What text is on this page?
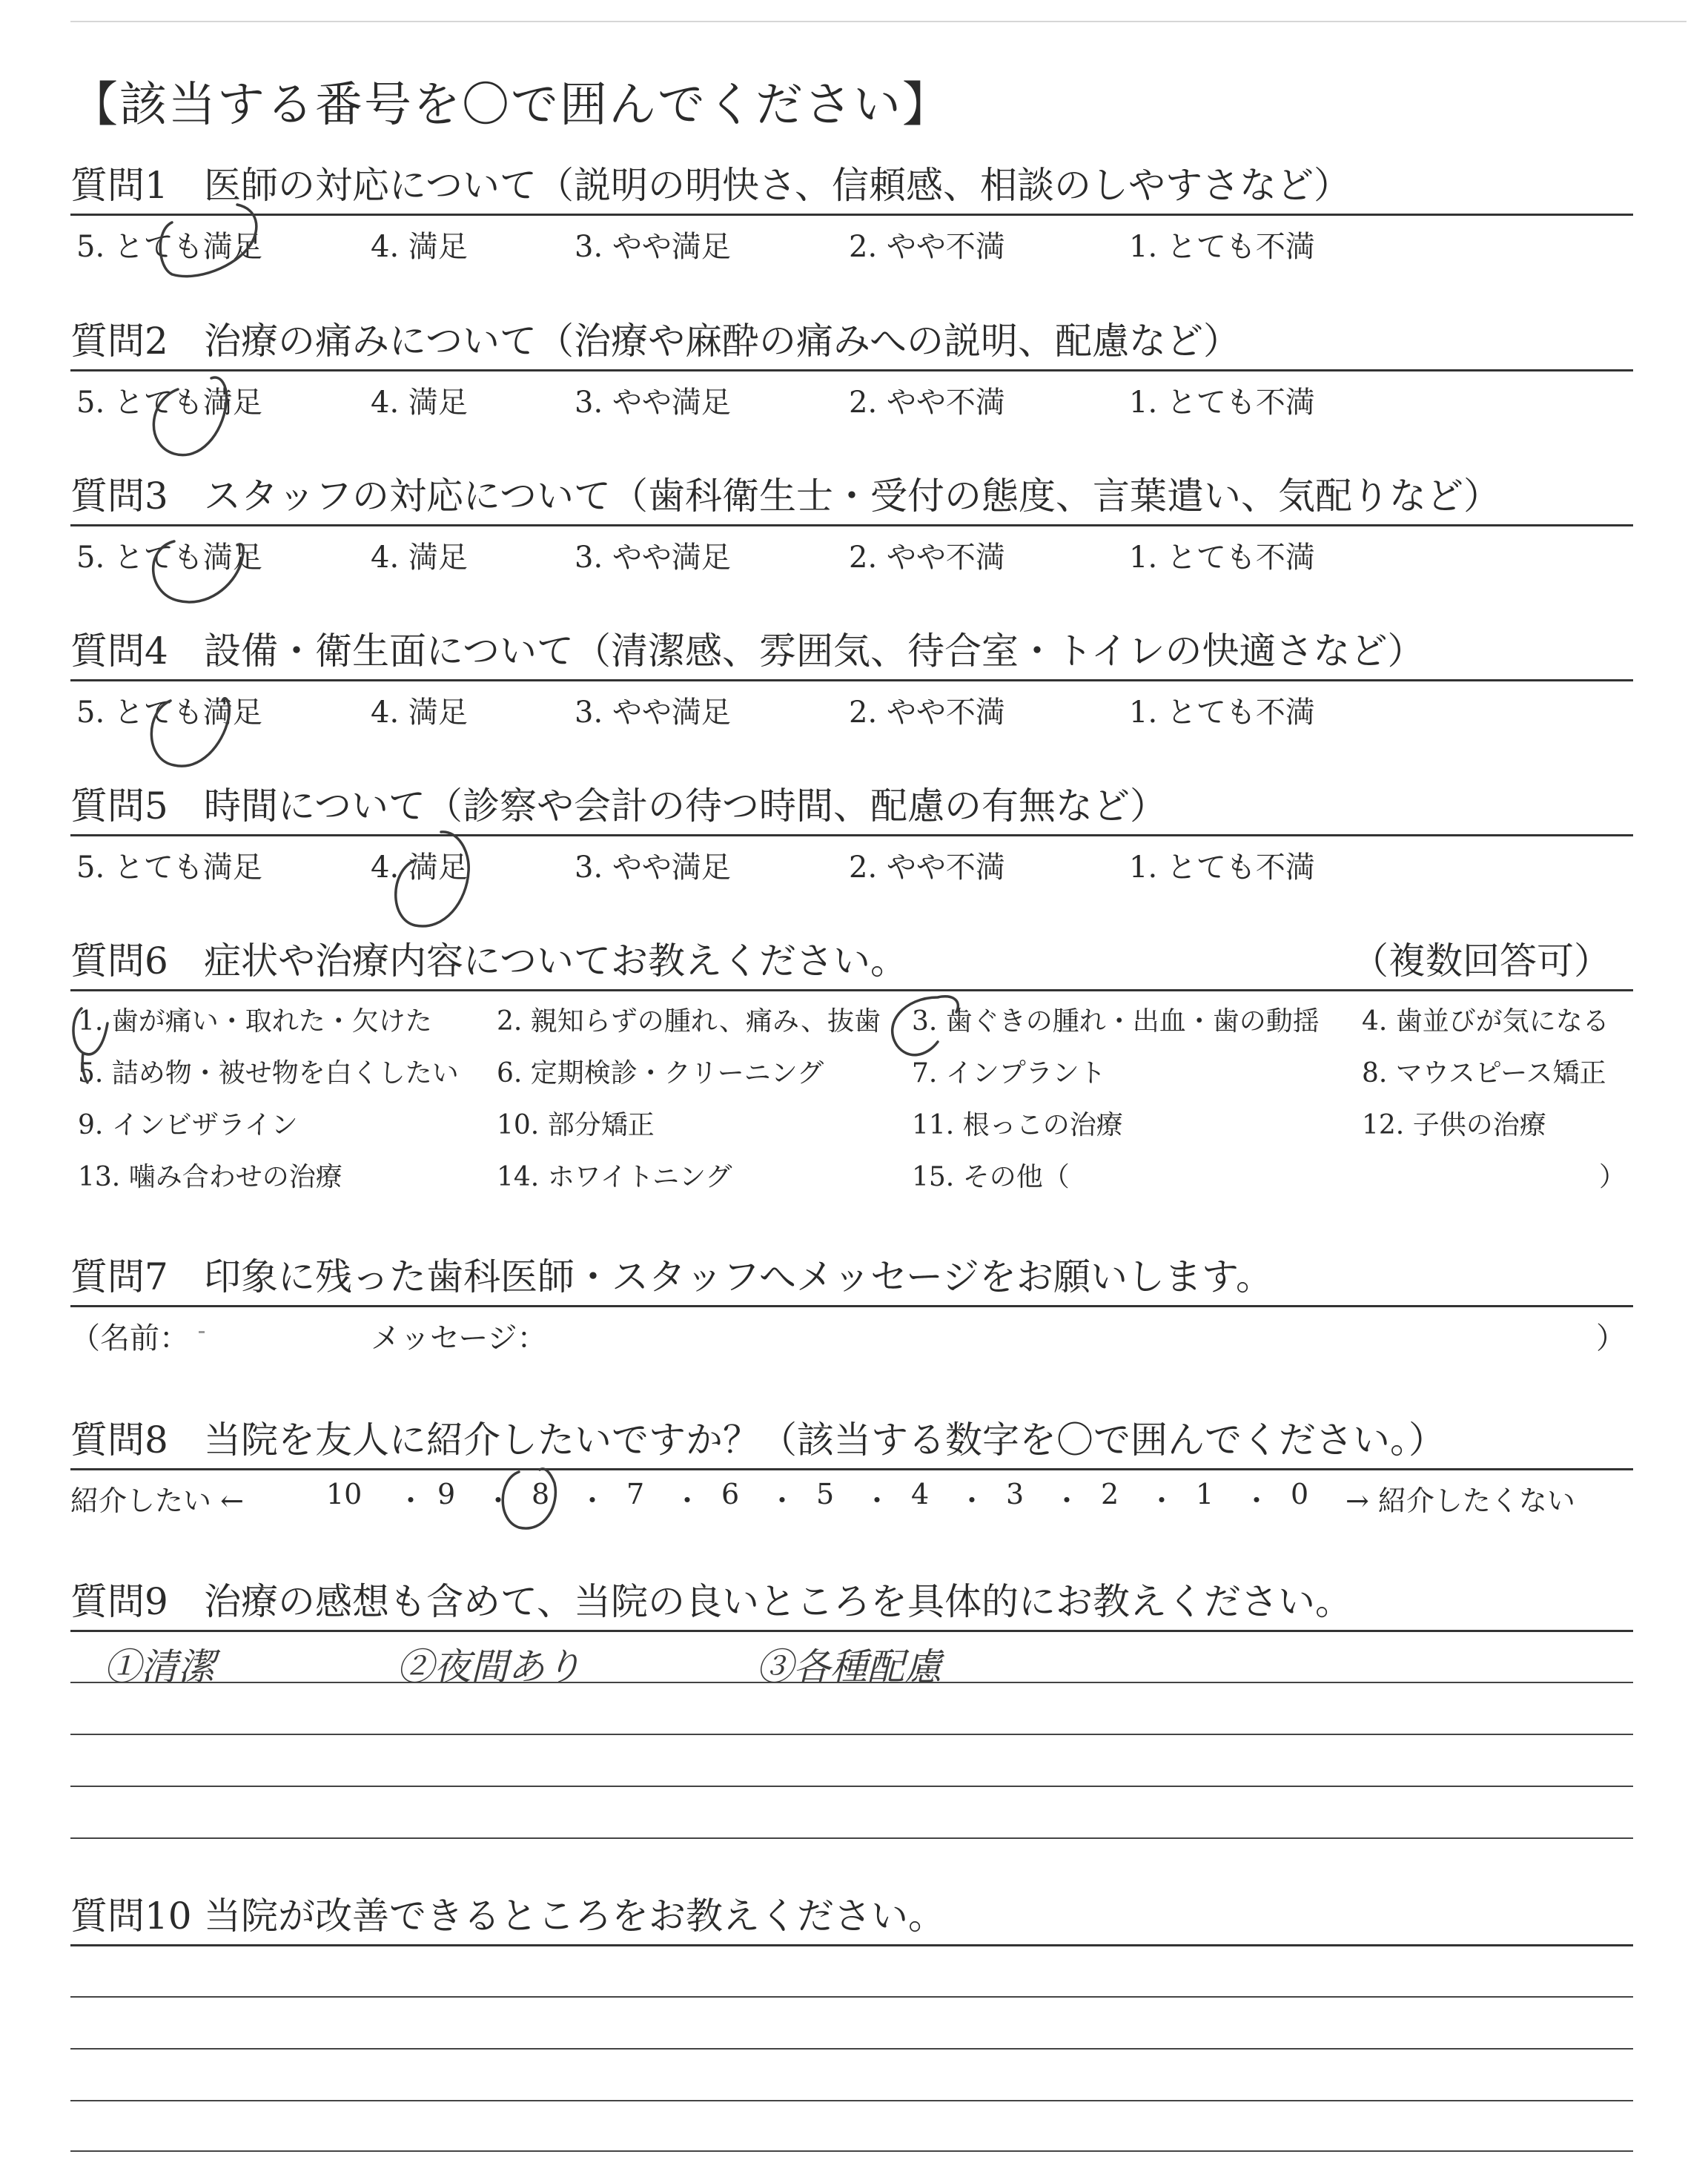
【該当する番号を〇で囲んでください】
質問1 医師の対応について（説明の明快さ、信頼感、相談のしやすさなど）
5. とても満足	4. 満足	3. やや満足	2. やや不満	1. とても不満
質問2 治療の痛みについて（治療や麻酔の痛みへの説明、配慮など）
5. とても満足	4. 満足	3. やや満足	2. やや不満	1. とても不満
質問3 スタッフの対応について（歯科衛生士・受付の態度、言葉遣い、気配りなど）
5. とても満足	4. 満足	3. やや満足	2. やや不満	1. とても不満
質問4 設備・衛生面について（清潔感、雰囲気、待合室・トイレの快適さなど）
5. とても満足	4. 満足	3. やや満足	2. やや不満	1. とても不満
質問5 時間について（診察や会計の待つ時間、配慮の有無など）
5. とても満足	4. 満足	3. やや満足	2. やや不満	1. とても不満
質問6 症状や治療内容についてお教えください。	（複数回答可）
1. 歯が痛い・取れた・欠けた 2. 親知らずの腫れ、痛み、抜歯 3. 歯ぐきの腫れ・出血・歯の動揺 4. 歯並びが気になる
5. 詰め物・被せ物を白くしたい 6. 定期検診・クリーニング	7. インプラント	8. マウスピース矯正
9. インビザライン	10. 部分矯正	11. 根っこの治療	12. 子供の治療
13. 噛み合わせの治療	14. ホワイトニング	15. その他（	）
質問7 印象に残った歯科医師・スタッフへメッセージをお願いします。
（名前：	メッセージ：	）
質問8 当院を友人に紹介したいですか？（該当する数字を〇で囲んでください。）
紹介したい ←	10 ・ 9 ・ 8 ・ 7 ・ 6 ・ 5 ・ 4 ・ 3 ・ 2 ・ 1 ・ 0 → 紹介したくない
質問9 治療の感想も含めて、当院の良いところを具体的にお教えください。
①清潔	②夜間あり	③各種配慮
質問10 当院が改善できるところをお教えください。
